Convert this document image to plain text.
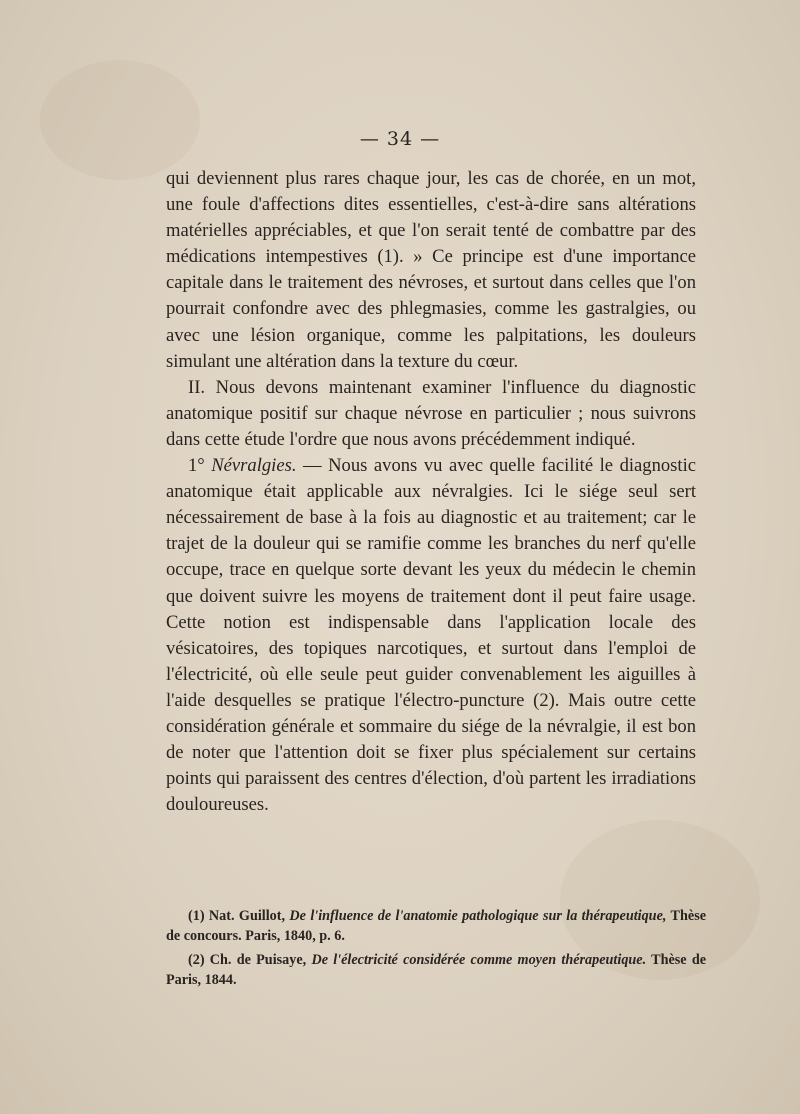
— 34 —

qui deviennent plus rares chaque jour, les cas de chorée, en un mot, une foule d'affections dites essentielles, c'est-à-dire sans altérations matérielles appréciables, et que l'on serait tenté de combattre par des médications intempestives (1). » Ce principe est d'une importance capitale dans le traitement des névroses, et surtout dans celles que l'on pourrait confondre avec des phlegmasies, comme les gastralgies, ou avec une lésion organique, comme les palpitations, les douleurs simulant une altération dans la texture du cœur.

II. Nous devons maintenant examiner l'influence du diagnostic anatomique positif sur chaque névrose en particulier ; nous suivrons dans cette étude l'ordre que nous avons précédemment indiqué.

1° Névralgies. — Nous avons vu avec quelle facilité le diagnostic anatomique était applicable aux névralgies. Ici le siége seul sert nécessairement de base à la fois au diagnostic et au traitement; car le trajet de la douleur qui se ramifie comme les branches du nerf qu'elle occupe, trace en quelque sorte devant les yeux du médecin le chemin que doivent suivre les moyens de traitement dont il peut faire usage. Cette notion est indispensable dans l'application locale des vésicatoires, des topiques narcotiques, et surtout dans l'emploi de l'électricité, où elle seule peut guider convenablement les aiguilles à l'aide desquelles se pratique l'électro-puncture (2). Mais outre cette considération générale et sommaire du siége de la névralgie, il est bon de noter que l'attention doit se fixer plus spécialement sur certains points qui paraissent des centres d'élection, d'où partent les irradiations douloureuses.

(1) Nat. Guillot, De l'influence de l'anatomie pathologique sur la thérapeutique, Thèse de concours. Paris, 1840, p. 6.

(2) Ch. de Puisaye, De l'électricité considérée comme moyen thérapeutique. Thèse de Paris, 1844.
